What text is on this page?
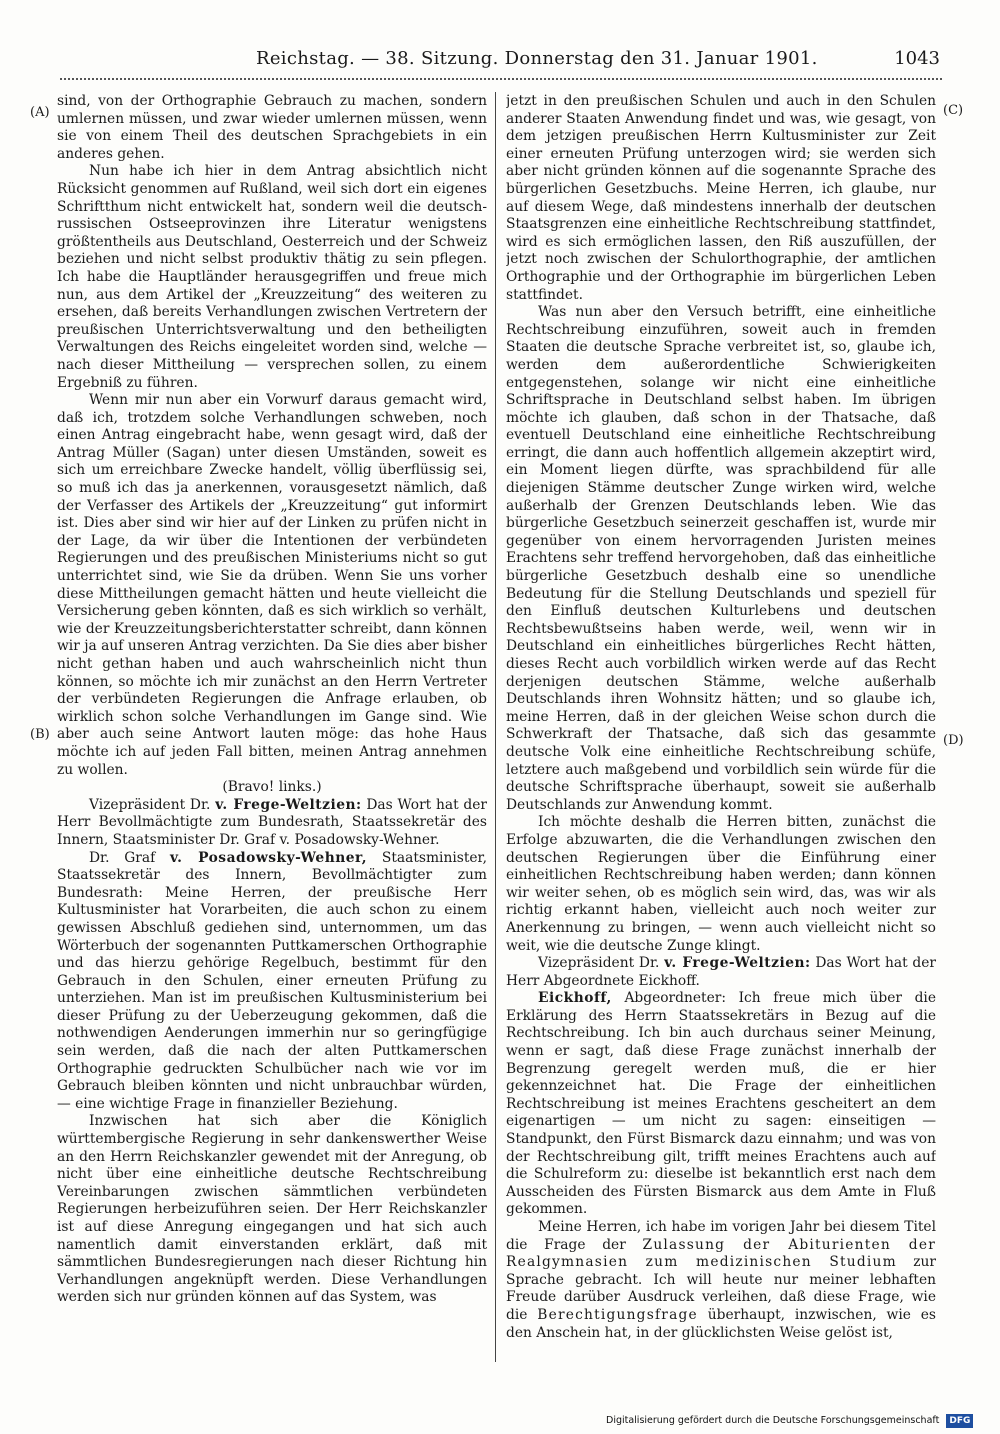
Reichstag. — 38. Sitzung. Donnerstag den 31. Januar 1901.	1043
(A)
(B)
(C)
(D)

sind, von der Orthographie Gebrauch zu machen, sondern umlernen müssen, und zwar wieder umlernen müssen, wenn sie von einem Theil des deutschen Sprachgebiets in ein anderes gehen.

Nun habe ich hier in dem Antrag absichtlich nicht Rücksicht genommen auf Rußland, weil sich dort ein eigenes Schriftthum nicht entwickelt hat, sondern weil die deutsch-russischen Ostseeprovinzen ihre Literatur wenigstens größtentheils aus Deutschland, Oesterreich und der Schweiz beziehen und nicht selbst produktiv thätig zu sein pflegen. Ich habe die Hauptländer herausgegriffen und freue mich nun, aus dem Artikel der „Kreuzzeitung“ des weiteren zu ersehen, daß bereits Verhandlungen zwischen Vertretern der preußischen Unterrichtsverwaltung und den betheiligten Verwaltungen des Reichs eingeleitet worden sind, welche — nach dieser Mittheilung — versprechen sollen, zu einem Ergebniß zu führen.

Wenn mir nun aber ein Vorwurf daraus gemacht wird, daß ich, trotzdem solche Verhandlungen schweben, noch einen Antrag eingebracht habe, wenn gesagt wird, daß der Antrag Müller (Sagan) unter diesen Umständen, soweit es sich um erreichbare Zwecke handelt, völlig überflüssig sei, so muß ich das ja anerkennen, vorausgesetzt nämlich, daß der Verfasser des Artikels der „Kreuzzeitung“ gut informirt ist. Dies aber sind wir hier auf der Linken zu prüfen nicht in der Lage, da wir über die Intentionen der verbündeten Regierungen und des preußischen Ministeriums nicht so gut unterrichtet sind, wie Sie da drüben. Wenn Sie uns vorher diese Mittheilungen gemacht hätten und heute vielleicht die Versicherung geben könnten, daß es sich wirklich so verhält, wie der Kreuzzeitungsberichterstatter schreibt, dann können wir ja auf unseren Antrag verzichten. Da Sie dies aber bisher nicht gethan haben und auch wahrscheinlich nicht thun können, so möchte ich mir zunächst an den Herrn Vertreter der verbündeten Regierungen die Anfrage erlauben, ob wirklich schon solche Verhandlungen im Gange sind. Wie aber auch seine Antwort lauten möge: das hohe Haus möchte ich auf jeden Fall bitten, meinen Antrag annehmen zu wollen.

(Bravo! links.)

Vizepräsident Dr. v. Frege-Weltzien: Das Wort hat der Herr Bevollmächtigte zum Bundesrath, Staatssekretär des Innern, Staatsminister Dr. Graf v. Posadowsky-Wehner.

Dr. Graf v. Posadowsky-Wehner, Staatsminister, Staatssekretär des Innern, Bevollmächtigter zum Bundesrath: Meine Herren, der preußische Herr Kultusminister hat Vorarbeiten, die auch schon zu einem gewissen Abschluß gediehen sind, unternommen, um das Wörterbuch der sogenannten Puttkamerschen Orthographie und das hierzu gehörige Regelbuch, bestimmt für den Gebrauch in den Schulen, einer erneuten Prüfung zu unterziehen. Man ist im preußischen Kultusministerium bei dieser Prüfung zu der Ueberzeugung gekommen, daß die nothwendigen Aenderungen immerhin nur so geringfügige sein werden, daß die nach der alten Puttkamerschen Orthographie gedruckten Schulbücher nach wie vor im Gebrauch bleiben könnten und nicht unbrauchbar würden, — eine wichtige Frage in finanzieller Beziehung.

Inzwischen hat sich aber die Königlich württembergische Regierung in sehr dankenswerther Weise an den Herrn Reichskanzler gewendet mit der Anregung, ob nicht über eine einheitliche deutsche Rechtschreibung Vereinbarungen zwischen sämmtlichen verbündeten Regierungen herbeizuführen seien. Der Herr Reichskanzler ist auf diese Anregung eingegangen und hat sich auch namentlich damit einverstanden erklärt, daß mit sämmtlichen Bundesregierungen nach dieser Richtung hin Verhandlungen angeknüpft werden. Diese Verhandlungen werden sich nur gründen können auf das System, was

jetzt in den preußischen Schulen und auch in den Schulen anderer Staaten Anwendung findet und was, wie gesagt, von dem jetzigen preußischen Herrn Kultusminister zur Zeit einer erneuten Prüfung unterzogen wird; sie werden sich aber nicht gründen können auf die sogenannte Sprache des bürgerlichen Gesetzbuchs. Meine Herren, ich glaube, nur auf diesem Wege, daß mindestens innerhalb der deutschen Staatsgrenzen eine einheitliche Rechtschreibung stattfindet, wird es sich ermöglichen lassen, den Riß auszufüllen, der jetzt noch zwischen der Schulorthographie, der amtlichen Orthographie und der Orthographie im bürgerlichen Leben stattfindet.

Was nun aber den Versuch betrifft, eine einheitliche Rechtschreibung einzuführen, soweit auch in fremden Staaten die deutsche Sprache verbreitet ist, so, glaube ich, werden dem außerordentliche Schwierigkeiten entgegenstehen, solange wir nicht eine einheitliche Schriftsprache in Deutschland selbst haben. Im übrigen möchte ich glauben, daß schon in der Thatsache, daß eventuell Deutschland eine einheitliche Rechtschreibung erringt, die dann auch hoffentlich allgemein akzeptirt wird, ein Moment liegen dürfte, was sprachbildend für alle diejenigen Stämme deutscher Zunge wirken wird, welche außerhalb der Grenzen Deutschlands leben. Wie das bürgerliche Gesetzbuch seinerzeit geschaffen ist, wurde mir gegenüber von einem hervorragenden Juristen meines Erachtens sehr treffend hervorgehoben, daß das einheitliche bürgerliche Gesetzbuch deshalb eine so unendliche Bedeutung für die Stellung Deutschlands und speziell für den Einfluß deutschen Kulturlebens und deutschen Rechtsbewußtseins haben werde, weil, wenn wir in Deutschland ein einheitliches bürgerliches Recht hätten, dieses Recht auch vorbildlich wirken werde auf das Recht derjenigen deutschen Stämme, welche außerhalb Deutschlands ihren Wohnsitz hätten; und so glaube ich, meine Herren, daß in der gleichen Weise schon durch die Schwerkraft der Thatsache, daß sich das gesammte deutsche Volk eine einheitliche Rechtschreibung schüfe, letztere auch maßgebend und vorbildlich sein würde für die deutsche Schriftsprache überhaupt, soweit sie außerhalb Deutschlands zur Anwendung kommt.

Ich möchte deshalb die Herren bitten, zunächst die Erfolge abzuwarten, die die Verhandlungen zwischen den deutschen Regierungen über die Einführung einer einheitlichen Rechtschreibung haben werden; dann können wir weiter sehen, ob es möglich sein wird, das, was wir als richtig erkannt haben, vielleicht auch noch weiter zur Anerkennung zu bringen, — wenn auch vielleicht nicht so weit, wie die deutsche Zunge klingt.

Vizepräsident Dr. v. Frege-Weltzien: Das Wort hat der Herr Abgeordnete Eickhoff.

Eickhoff, Abgeordneter: Ich freue mich über die Erklärung des Herrn Staatssekretärs in Bezug auf die Rechtschreibung. Ich bin auch durchaus seiner Meinung, wenn er sagt, daß diese Frage zunächst innerhalb der Begrenzung geregelt werden muß, die er hier gekennzeichnet hat. Die Frage der einheitlichen Rechtschreibung ist meines Erachtens gescheitert an dem eigenartigen — um nicht zu sagen: einseitigen — Standpunkt, den Fürst Bismarck dazu einnahm; und was von der Rechtschreibung gilt, trifft meines Erachtens auch auf die Schulreform zu: dieselbe ist bekanntlich erst nach dem Ausscheiden des Fürsten Bismarck aus dem Amte in Fluß gekommen.

Meine Herren, ich habe im vorigen Jahr bei diesem Titel die Frage der Zulassung der Abiturienten der Realgymnasien zum medizinischen Studium zur Sprache gebracht. Ich will heute nur meiner lebhaften Freude darüber Ausdruck verleihen, daß diese Frage, wie die Berechtigungsfrage überhaupt, inzwischen, wie es den Anschein hat, in der glücklichsten Weise gelöst ist,

Digitalisierung gefördert durch die Deutsche Forschungsgemeinschaft DFG
